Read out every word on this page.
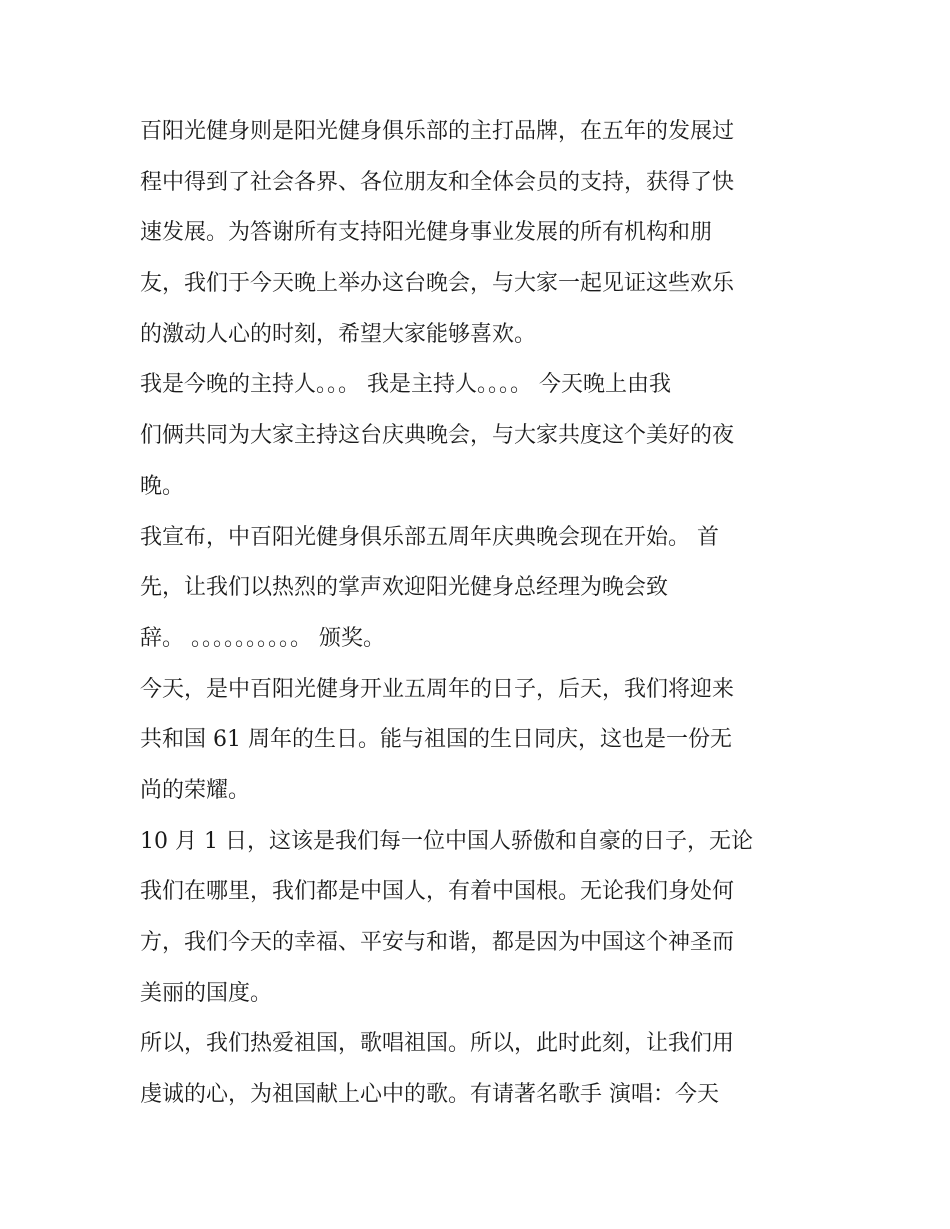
百阳光健身则是阳光健身俱乐部的主打品牌，在五年的发展过
程中得到了社会各界、各位朋友和全体会员的支持，获得了快
速发展。为答谢所有支持阳光健身事业发展的所有机构和朋
友，我们于今天晚上举办这台晚会，与大家一起见证这些欢乐
的激动人心的时刻，希望大家能够喜欢。
我是今晚的主持人。。。 我是主持人。。。。 今天晚上由我
们俩共同为大家主持这台庆典晚会，与大家共度这个美好的夜
晚。
我宣布，中百阳光健身俱乐部五周年庆典晚会现在开始。 首
先，让我们以热烈的掌声欢迎阳光健身总经理为晚会致
辞。 。。。。。。。。。。 颁奖。
今天，是中百阳光健身开业五周年的日子，后天，我们将迎来
共和国 61 周年的生日。能与祖国的生日同庆，这也是一份无
尚的荣耀。
10 月 1 日，这该是我们每一位中国人骄傲和自豪的日子，无论
我们在哪里，我们都是中国人，有着中国根。无论我们身处何
方，我们今天的幸福、平安与和谐，都是因为中国这个神圣而
美丽的国度。
所以，我们热爱祖国，歌唱祖国。所以，此时此刻，让我们用
虔诚的心，为祖国献上心中的歌。有请著名歌手 演唱：今天
